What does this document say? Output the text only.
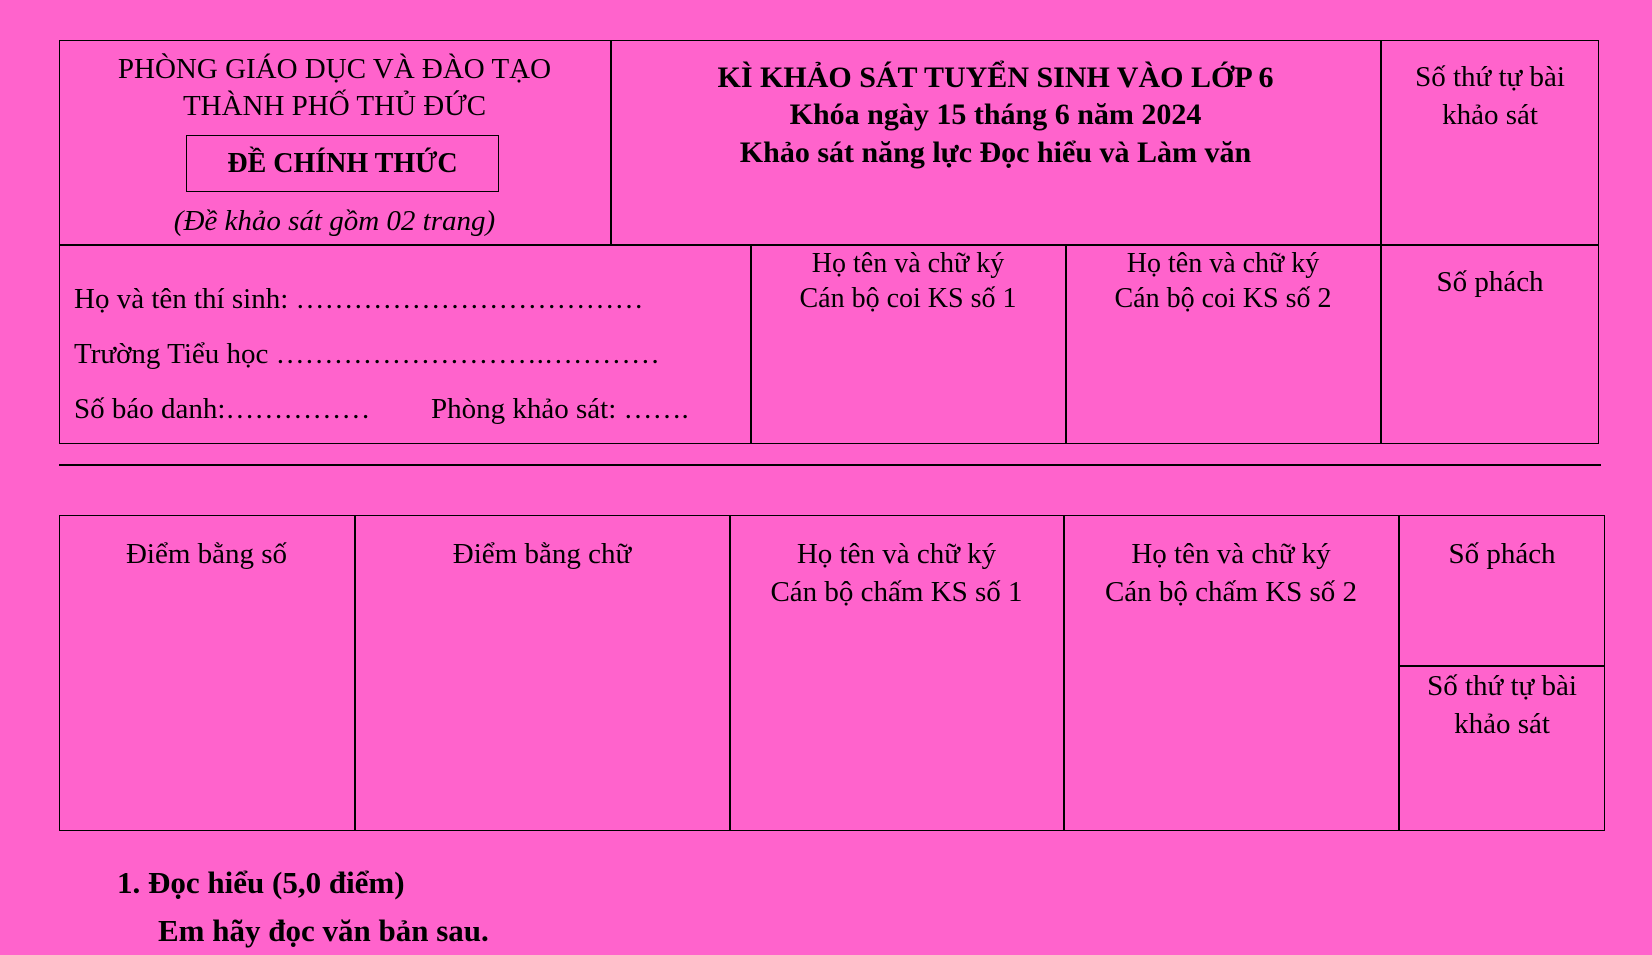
PHÒNG GIÁO DỤC VÀ ĐÀO TẠO
THÀNH PHỐ THỦ ĐỨC
ĐỀ CHÍNH THỨC
(Đề khảo sát gồm 02 trang)
KÌ KHẢO SÁT TUYỂN SINH VÀO LỚP 6
Khóa ngày 15 tháng 6 năm 2024
Khảo sát năng lực Đọc hiểu và Làm văn
Số thứ tự bài
khảo sát
Họ và tên thí sinh: ………………………………
Trường Tiểu học ……………………….…………
Số báo danh:…………… Phòng khảo sát: …….
Họ tên và chữ ký
Cán bộ coi KS số 1
Họ tên và chữ ký
Cán bộ coi KS số 2
Số phách
Điểm bằng số	Điểm bằng chữ	Họ tên và chữ ký
Cán bộ chấm KS số 1
Họ tên và chữ ký
Cán bộ chấm KS số 2
Số phách
Số thứ tự bài
khảo sát
1. Đọc hiểu (5,0 điểm)
Em hãy đọc văn bản sau.
